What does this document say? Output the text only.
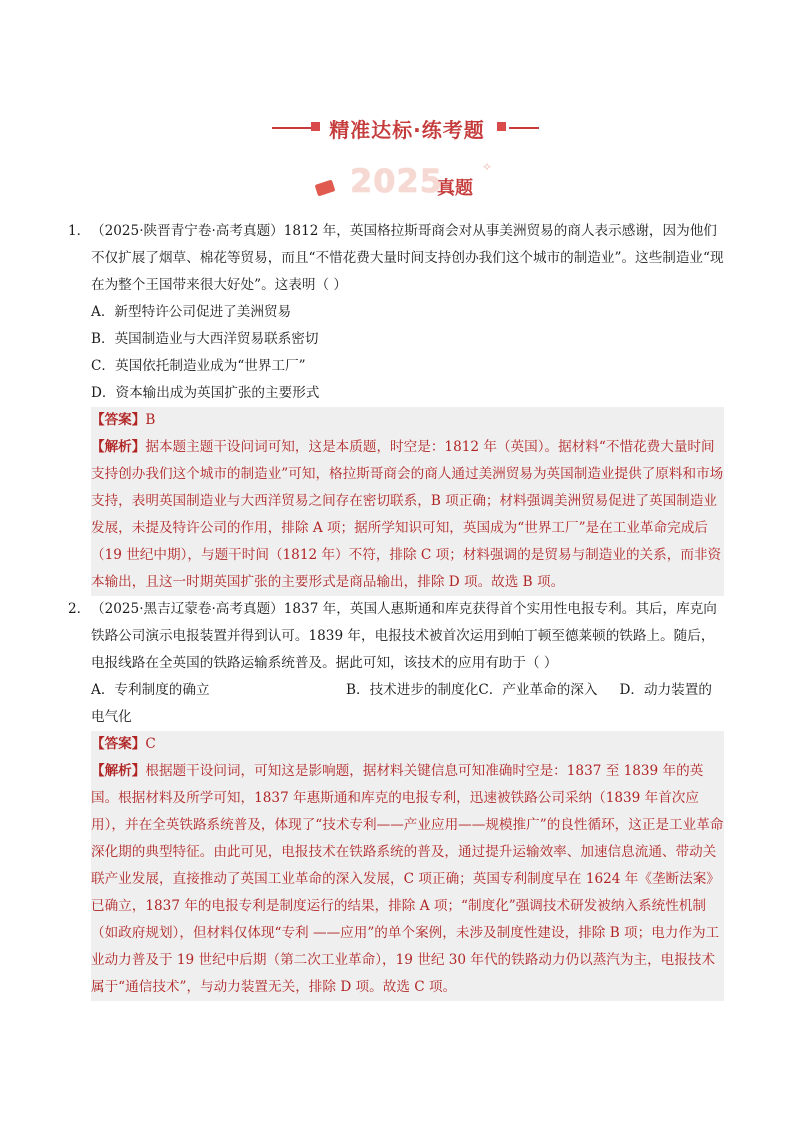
精准达标·练考题
2025
真题
✧
1． （2025·陕晋青宁卷·高考真题）1812 年，英国格拉斯哥商会对从事美洲贸易的商人表示感谢，因为他们不仅扩展了烟草、棉花等贸易，而且“不惜花费大量时间支持创办我们这个城市的制造业”。这些制造业“现在为整个王国带来很大好处”。这表明（ ）
A．新型特许公司促进了美洲贸易
B．英国制造业与大西洋贸易联系密切
C．英国依托制造业成为“世界工厂”
D．资本输出成为英国扩张的主要形式
【答案】B
【解析】据本题主题干设问词可知，这是本质题，时空是：1812 年（英国）。据材料“不惜花费大量时间支持创办我们这个城市的制造业”可知，格拉斯哥商会的商人通过美洲贸易为英国制造业提供了原料和市场支持，表明英国制造业与大西洋贸易之间存在密切联系，B 项正确；材料强调美洲贸易促进了英国制造业发展，未提及特许公司的作用，排除 A 项；据所学知识可知，英国成为“世界工厂”是在工业革命完成后（19 世纪中期），与题干时间（1812 年）不符，排除 C 项；材料强调的是贸易与制造业的关系，而非资本输出，且这一时期英国扩张的主要形式是商品输出，排除 D 项。故选 B 项。
2． （2025·黑吉辽蒙卷·高考真题）1837 年，英国人惠斯通和库克获得首个实用性电报专利。其后，库克向铁路公司演示电报装置并得到认可。1839 年，电报技术被首次运用到帕丁顿至德莱顿的铁路上。随后，电报线路在全英国的铁路运输系统普及。据此可知，该技术的应用有助于（ ）
A．专利制度的确立	B．技术进步的制度化C．产业革命的深入 D．动力装置的电气化
【答案】C
【解析】根据题干设问词，可知这是影响题，据材料关键信息可知准确时空是：1837 至 1839 年的英国。根据材料及所学可知，1837 年惠斯通和库克的电报专利，迅速被铁路公司采纳（1839 年首次应用），并在全英铁路系统普及，体现了“技术专利——产业应用——规模推广”的良性循环，这正是工业革命深化期的典型特征。由此可见，电报技术在铁路系统的普及，通过提升运输效率、加速信息流通、带动关联产业发展，直接推动了英国工业革命的深入发展，C 项正确；英国专利制度早在 1624 年《垄断法案》已确立，1837 年的电报专利是制度运行的结果，排除 A 项；“制度化”强调技术研发被纳入系统性机制（如政府规划），但材料仅体现“专利 ——应用”的单个案例，未涉及制度性建设，排除 B 项；电力作为工业动力普及于 19 世纪中后期（第二次工业革命），19 世纪 30 年代的铁路动力仍以蒸汽为主，电报技术属于“通信技术”，与动力装置无关，排除 D 项。故选 C 项。
